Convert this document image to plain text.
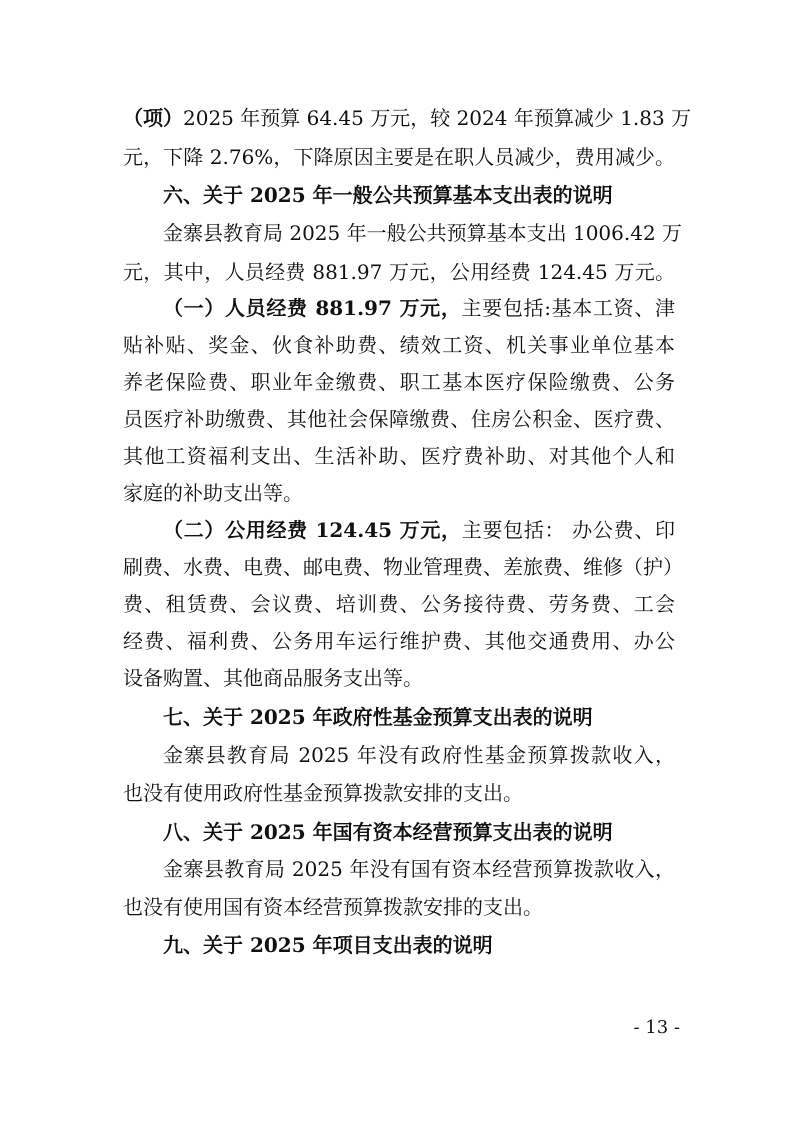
（项）2025 年预算 64.45 万元，较 2024 年预算减少 1.83 万
元，下降 2.76%，下降原因主要是在职人员减少，费用减少。
六、关于 2025 年一般公共预算基本支出表的说明
金寨县教育局 2025 年一般公共预算基本支出 1006.42 万
元，其中，人员经费 881.97 万元，公用经费 124.45 万元。
（一）人员经费 881.97 万元，主要包括:基本工资、津
贴补贴、奖金、伙食补助费、绩效工资、机关事业单位基本
养老保险费、职业年金缴费、职工基本医疗保险缴费、公务
员医疗补助缴费、其他社会保障缴费、住房公积金、医疗费、
其他工资福利支出、生活补助、医疗费补助、对其他个人和
家庭的补助支出等。
（二）公用经费 124.45 万元，主要包括： 办公费、印
刷费、水费、电费、邮电费、物业管理费、差旅费、维修（护）
费、租赁费、会议费、培训费、公务接待费、劳务费、工会
经费、福利费、公务用车运行维护费、其他交通费用、办公
设备购置、其他商品服务支出等。
七、关于 2025 年政府性基金预算支出表的说明
金寨县教育局 2025 年没有政府性基金预算拨款收入，
也没有使用政府性基金预算拨款安排的支出。
八、关于 2025 年国有资本经营预算支出表的说明
金寨县教育局 2025 年没有国有资本经营预算拨款收入，
也没有使用国有资本经营预算拨款安排的支出。
九、关于 2025 年项目支出表的说明
- 13 -
